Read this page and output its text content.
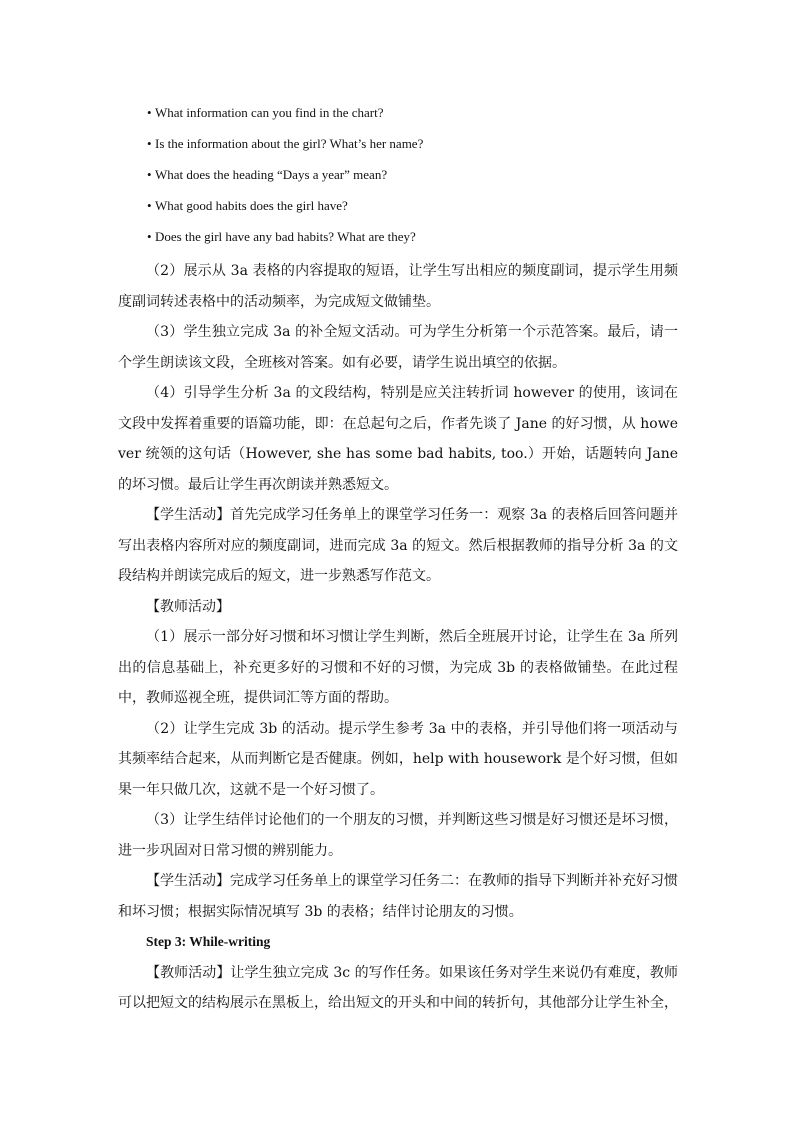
• What information can you find in the chart?
• Is the information about the girl? What’s her name?
• What does the heading “Days a year” mean?
• What good habits does the girl have?
• Does the girl have any bad habits? What are they?

（2）展示从 3a 表格的内容提取的短语，让学生写出相应的频度副词，提示学生用频度副词转述表格中的活动频率，为完成短文做铺垫。

（3）学生独立完成 3a 的补全短文活动。可为学生分析第一个示范答案。最后，请一个学生朗读该文段，全班核对答案。如有必要，请学生说出填空的依据。

（4）引导学生分析 3a 的文段结构，特别是应关注转折词 however 的使用，该词在文段中发挥着重要的语篇功能，即：在总起句之后，作者先谈了 Jane 的好习惯，从 however 统领的这句话（However, she has some bad habits, too.）开始，话题转向 Jane 的坏习惯。最后让学生再次朗读并熟悉短文。

【学生活动】首先完成学习任务单上的课堂学习任务一：观察 3a 的表格后回答问题并写出表格内容所对应的频度副词，进而完成 3a 的短文。然后根据教师的指导分析 3a 的文段结构并朗读完成后的短文，进一步熟悉写作范文。

【教师活动】

（1）展示一部分好习惯和坏习惯让学生判断，然后全班展开讨论，让学生在 3a 所列出的信息基础上，补充更多好的习惯和不好的习惯，为完成 3b 的表格做铺垫。在此过程中，教师巡视全班，提供词汇等方面的帮助。

（2）让学生完成 3b 的活动。提示学生参考 3a 中的表格，并引导他们将一项活动与其频率结合起来，从而判断它是否健康。例如，help with housework 是个好习惯，但如果一年只做几次，这就不是一个好习惯了。

（3）让学生结伴讨论他们的一个朋友的习惯，并判断这些习惯是好习惯还是坏习惯，进一步巩固对日常习惯的辨别能力。

【学生活动】完成学习任务单上的课堂学习任务二：在教师的指导下判断并补充好习惯和坏习惯；根据实际情况填写 3b 的表格；结伴讨论朋友的习惯。

Step 3: While-writing

【教师活动】让学生独立完成 3c 的写作任务。如果该任务对学生来说仍有难度，教师可以把短文的结构展示在黑板上，给出短文的开头和中间的转折句，其他部分让学生补全，
